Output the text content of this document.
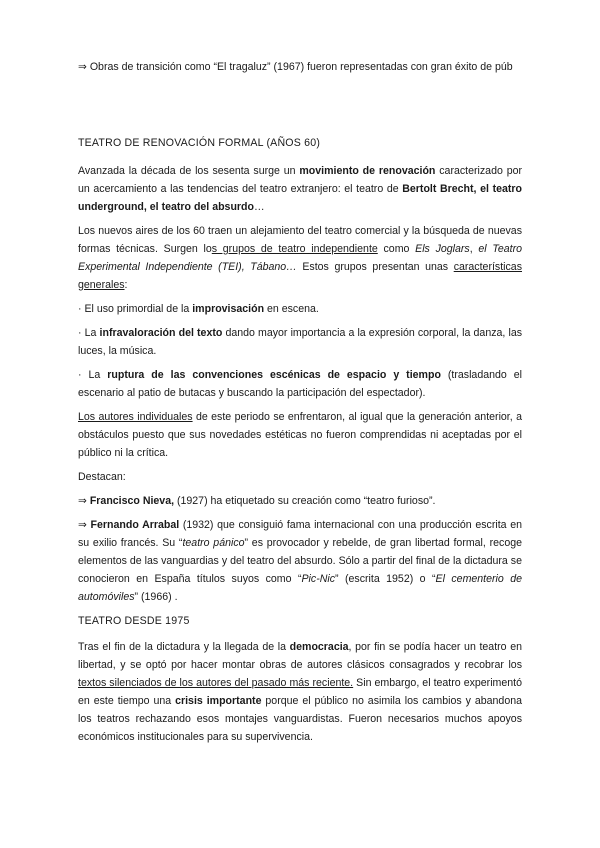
⇒ Obras de transición como “El tragaluz” (1967) fueron representadas con gran éxito de púb

TEATRO DE RENOVACIÓN FORMAL (AÑOS 60)

Avanzada la década de los sesenta surge un movimiento de renovación caracterizado por un acercamiento a las tendencias del teatro extranjero: el teatro de Bertolt Brecht, el teatro underground, el teatro del absurdo…

Los nuevos aires de los 60 traen un alejamiento del teatro comercial y la búsqueda de nuevas formas técnicas. Surgen los grupos de teatro independiente como Els Joglars, el Teatro Experimental Independiente (TEI), Tábano… Estos grupos presentan unas características generales:

· El uso primordial de la improvisación en escena.

· La infravaloración del texto dando mayor importancia a la expresión corporal, la danza, las luces, la música.

· La ruptura de las convenciones escénicas de espacio y tiempo (trasladando el escenario al patio de butacas y buscando la participación del espectador).

Los autores individuales de este periodo se enfrentaron, al igual que la generación anterior, a obstáculos puesto que sus novedades estéticas no fueron comprendidas ni aceptadas por el público ni la crítica.

Destacan:

⇒ Francisco Nieva, (1927) ha etiquetado su creación como “teatro furioso”.

⇒ Fernando Arrabal (1932) que consiguió fama internacional con una producción escrita en su exilio francés. Su “teatro pánico” es provocador y rebelde, de gran libertad formal, recoge elementos de las vanguardias y del teatro del absurdo. Sólo a partir del final de la dictadura se conocieron en España títulos suyos como “Pic-Nic” (escrita 1952) o “El cementerio de automóviles” (1966) .

TEATRO DESDE 1975

Tras el fin de la dictadura y la llegada de la democracia, por fin se podía hacer un teatro en libertad, y se optó por hacer montar obras de autores clásicos consagrados y recobrar los textos silenciados de los autores del pasado más reciente. Sin embargo, el teatro experimentó en este tiempo una crisis importante porque el público no asimila los cambios y abandona los teatros rechazando esos montajes vanguardistas. Fueron necesarios muchos apoyos económicos institucionales para su supervivencia.
